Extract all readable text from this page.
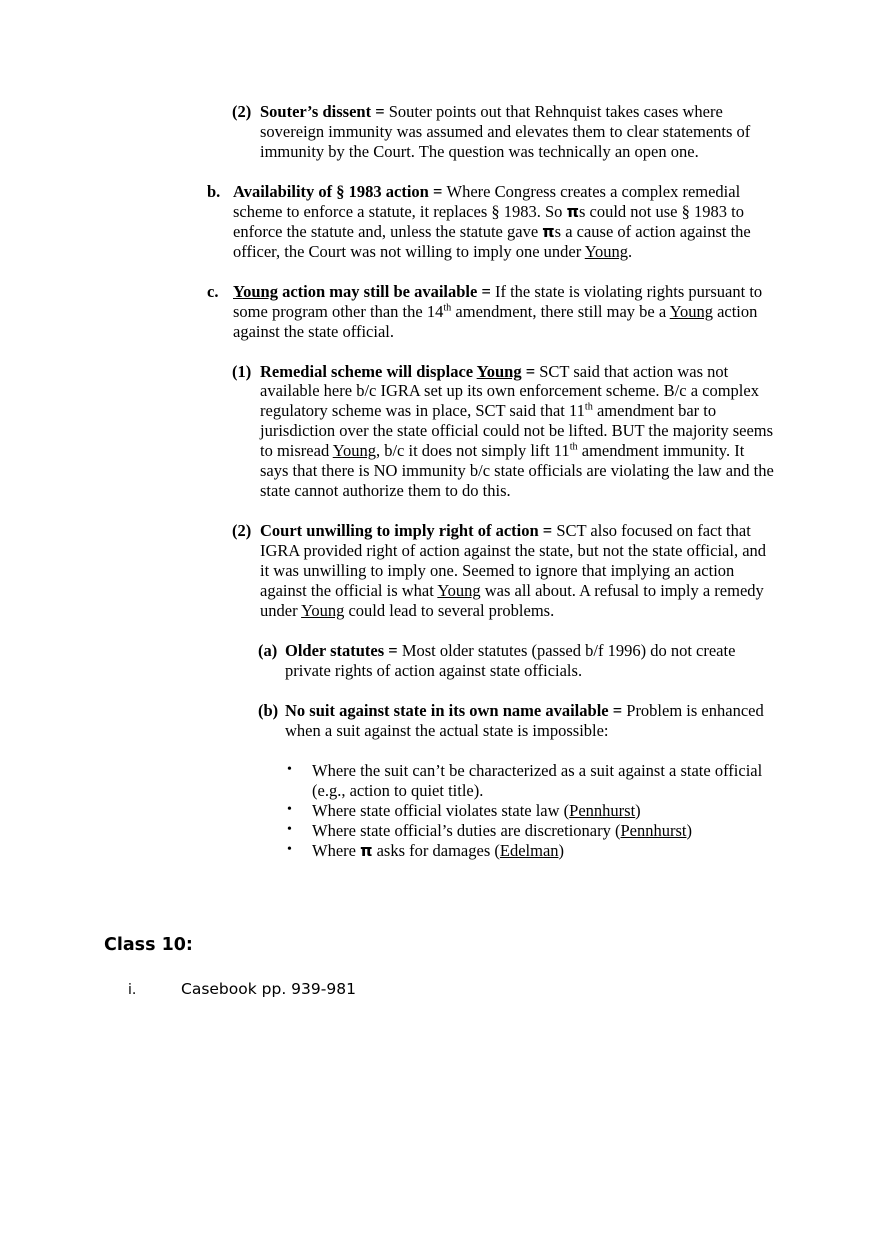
(2) Souter’s dissent = Souter points out that Rehnquist takes cases where sovereign immunity was assumed and elevates them to clear statements of immunity by the Court. The question was technically an open one.
b. Availability of § 1983 action = Where Congress creates a complex remedial scheme to enforce a statute, it replaces § 1983. So πs could not use § 1983 to enforce the statute and, unless the statute gave πs a cause of action against the officer, the Court was not willing to imply one under Young.
c. Young action may still be available = If the state is violating rights pursuant to some program other than the 14th amendment, there still may be a Young action against the state official.
(1) Remedial scheme will displace Young = SCT said that action was not available here b/c IGRA set up its own enforcement scheme. B/c a complex regulatory scheme was in place, SCT said that 11th amendment bar to jurisdiction over the state official could not be lifted. BUT the majority seems to misread Young, b/c it does not simply lift 11th amendment immunity. It says that there is NO immunity b/c state officials are violating the law and the state cannot authorize them to do this.
(2) Court unwilling to imply right of action = SCT also focused on fact that IGRA provided right of action against the state, but not the state official, and it was unwilling to imply one. Seemed to ignore that implying an action against the official is what Young was all about. A refusal to imply a remedy under Young could lead to several problems.
(a) Older statutes = Most older statutes (passed b/f 1996) do not create private rights of action against state officials.
(b) No suit against state in its own name available = Problem is enhanced when a suit against the actual state is impossible:
•	Where the suit can’t be characterized as a suit against a state official (e.g., action to quiet title).
•	Where state official violates state law (Pennhurst)
•	Where state official’s duties are discretionary (Pennhurst)
•	Where π asks for damages (Edelman)
Class 10:
i.	Casebook pp. 939-981
